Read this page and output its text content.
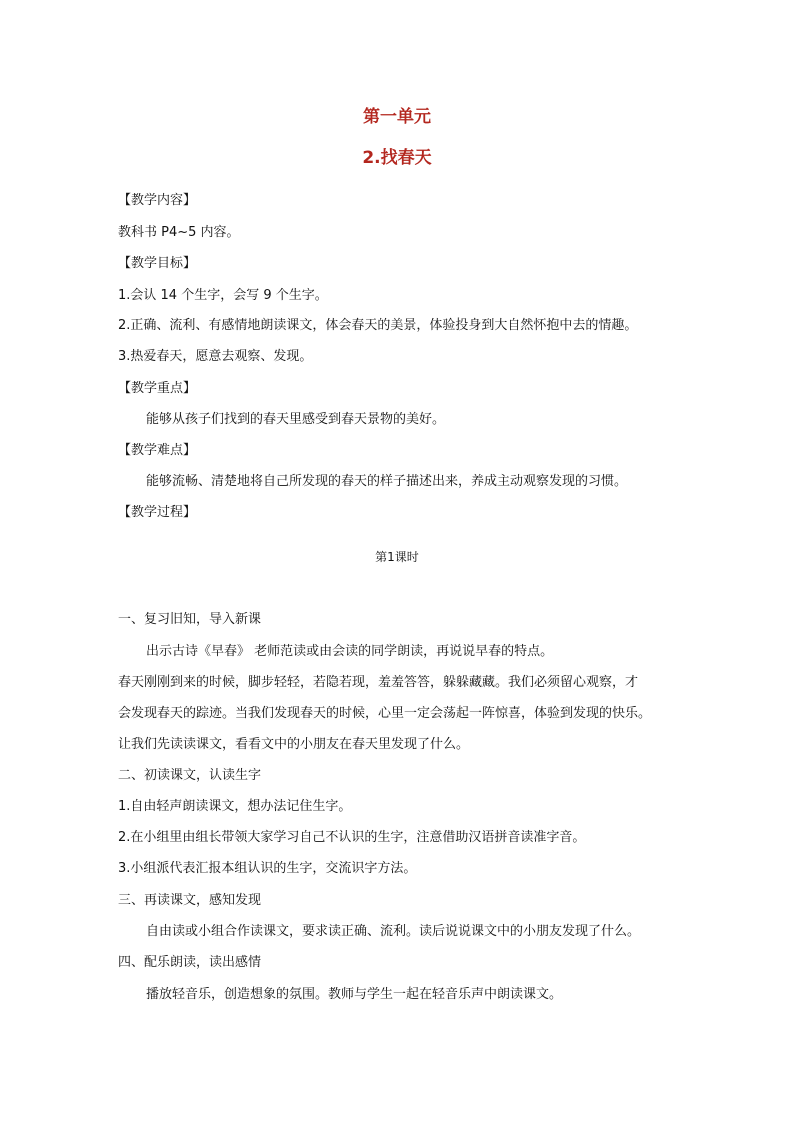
第一单元
2.找春天
【教学内容】
教科书 P4~5 内容。
【教学目标】
1.会认 14 个生字，会写 9 个生字。
2.正确、流利、有感情地朗读课文，体会春天的美景，体验投身到大自然怀抱中去的情趣。
3.热爱春天，愿意去观察、发现。
【教学重点】
能够从孩子们找到的春天里感受到春天景物的美好。
【教学难点】
能够流畅、清楚地将自己所发现的春天的样子描述出来，养成主动观察发现的习惯。
【教学过程】
第1课时
一、复习旧知，导入新课
出示古诗《早春》 老师范读或由会读的同学朗读，再说说早春的特点。
春天刚刚到来的时候，脚步轻轻，若隐若现，羞羞答答，躲躲藏藏。我们必须留心观察，才
会发现春天的踪迹。当我们发现春天的时候，心里一定会荡起一阵惊喜，体验到发现的快乐。
让我们先读读课文，看看文中的小朋友在春天里发现了什么。
二、初读课文，认读生字
1.自由轻声朗读课文，想办法记住生字。
2.在小组里由组长带领大家学习自己不认识的生字，注意借助汉语拼音读准字音。
3.小组派代表汇报本组认识的生字，交流识字方法。
三、再读课文，感知发现
自由读或小组合作读课文，要求读正确、流利。读后说说课文中的小朋友发现了什么。
四、配乐朗读，读出感情
播放轻音乐，创造想象的氛围。教师与学生一起在轻音乐声中朗读课文。
